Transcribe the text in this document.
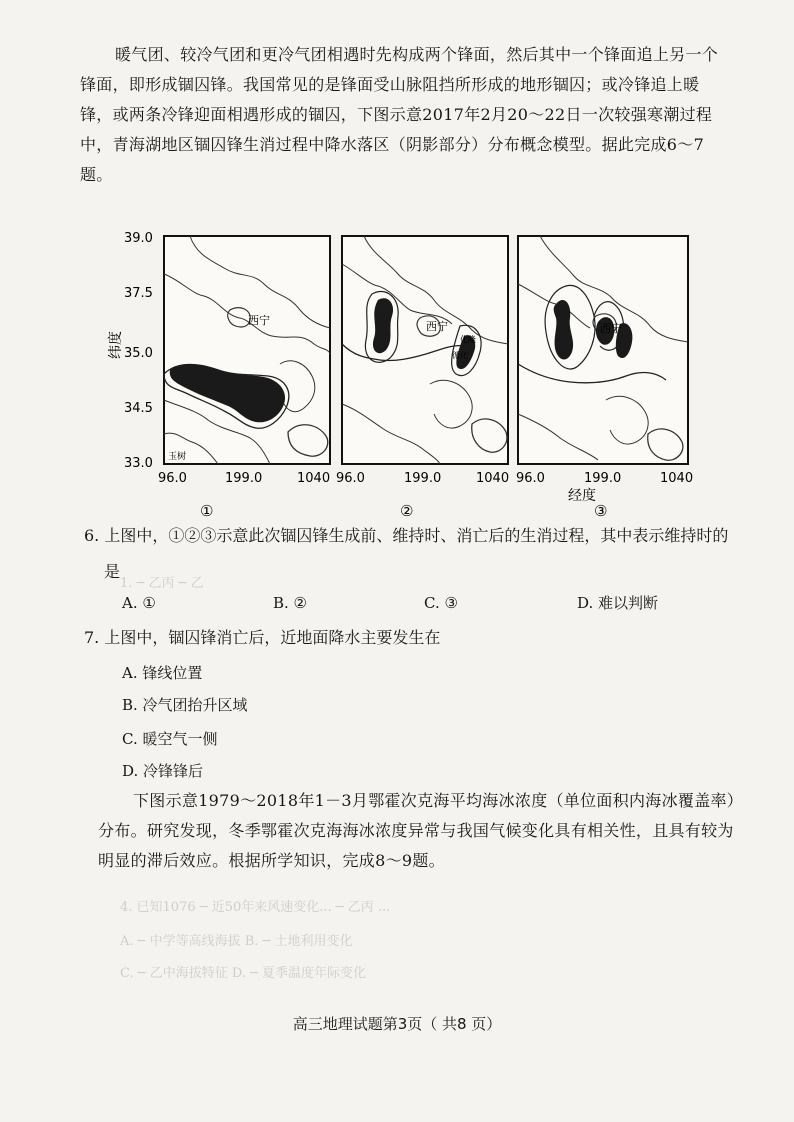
1. ─ 乙丙 ─ 乙
4. 已知1076 ─ 近50年来风速变化... ─ 乙丙 ...
A. ─ 中学等高线海拔 B. ─ 土地利用变化
C. ─ 乙中海拔特征 D. ─ 夏季温度年际变化
暖气团、较冷气团和更冷气团相遇时先构成两个锋面，然后其中一个锋面追上另一个
锋面，即形成锢囚锋。我国常见的是锋面受山脉阻挡所形成的地形锢囚；或冷锋追上暖
锋，或两条冷锋迎面相遇形成的锢囚，下图示意2017年2月20～22日一次较强寒潮过程
中，青海湖地区锢囚锋生消过程中降水落区（阴影部分）分布概念模型。据此完成6～7
题。
39.0
37.5
35.0
34.5
33.0
纬度
西宁
玉树
96.0	199.0	1040
①
西宁
化隆
循化
96.0	199.0	1040
②
西宁
96.0	199.0	1040
经度
③
6. 上图中，①②③示意此次锢囚锋生成前、维持时、消亡后的生消过程，其中表示维持时的
是
A. ①	B. ②	C. ③	D. 难以判断
7. 上图中，锢囚锋消亡后，近地面降水主要发生在
A. 锋线位置
B. 冷气团抬升区域
C. 暖空气一侧
D. 冷锋锋后
下图示意1979～2018年1－3月鄂霍次克海平均海冰浓度（单位面积内海冰覆盖率）
分布。研究发现，冬季鄂霍次克海海冰浓度异常与我国气候变化具有相关性，且具有较为
明显的滞后效应。根据所学知识，完成8～9题。
高三地理试题第3页（ 共8 页）
